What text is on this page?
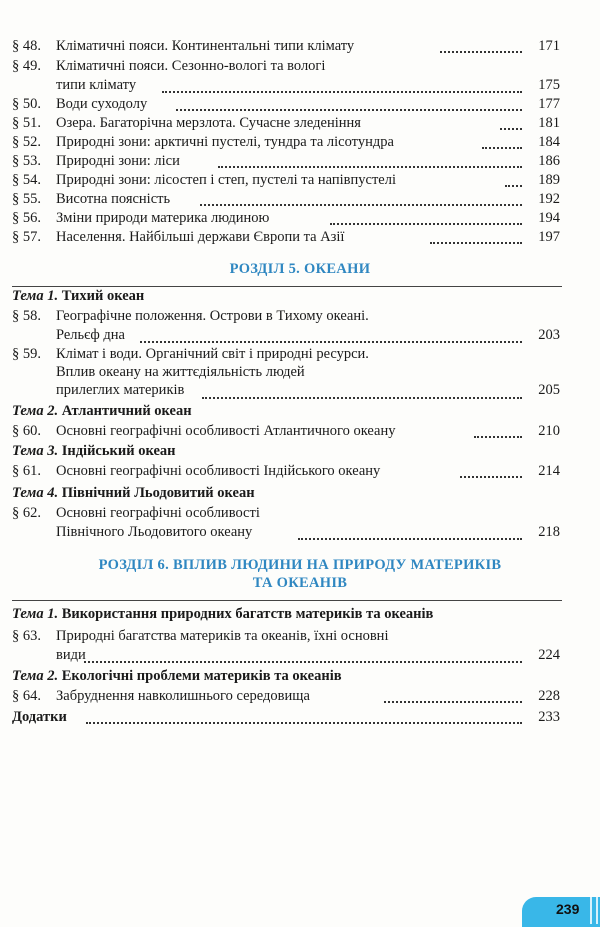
§ 48.	Кліматичні пояси. Континентальні типи клімату	171
§ 49.	Кліматичні пояси. Сезонно-вологі та вологі
типи клімату	175
§ 50.	Води суходолу	177
§ 51.	Озера. Багаторічна мерзлота. Сучасне зледеніння	181
§ 52.	Природні зони: арктичні пустелі, тундра та лісотундра	184
§ 53.	Природні зони: ліси	186
§ 54.	Природні зони: лісостеп і степ, пустелі та напівпустелі	189
§ 55.	Висотна поясність	192
§ 56.	Зміни природи материка людиною	194
§ 57.	Населення. Найбільші держави Європи та Азії	197
РОЗДІЛ 5. ОКЕАНИ
Тема 1. Тихий океан
§ 58.	Географічне положення. Острови в Тихому океані.
Рельєф дна	203
§ 59.	Клімат і води. Органічний світ і природні ресурси.
Вплив океану на життєдіяльність людей
прилеглих материків	205
Тема 2. Атлантичний океан
§ 60.	Основні географічні особливості Атлантичного океану	210
Тема 3. Індійський океан
§ 61.	Основні географічні особливості Індійського океану	214
Тема 4. Північний Льодовитий океан
§ 62.	Основні географічні особливості
Північного Льодовитого океану	218
РОЗДІЛ 6. ВПЛИВ ЛЮДИНИ НА ПРИРОДУ МАТЕРИКІВ
ТА ОКЕАНІВ
Тема 1. Використання природних багатств материків та океанів
§ 63.	Природні багатства материків та океанів, їхні основні
види	224
Тема 2. Екологічні проблеми материків та океанів
§ 64.	Забруднення навколишнього середовища	228
Додатки	233
239
